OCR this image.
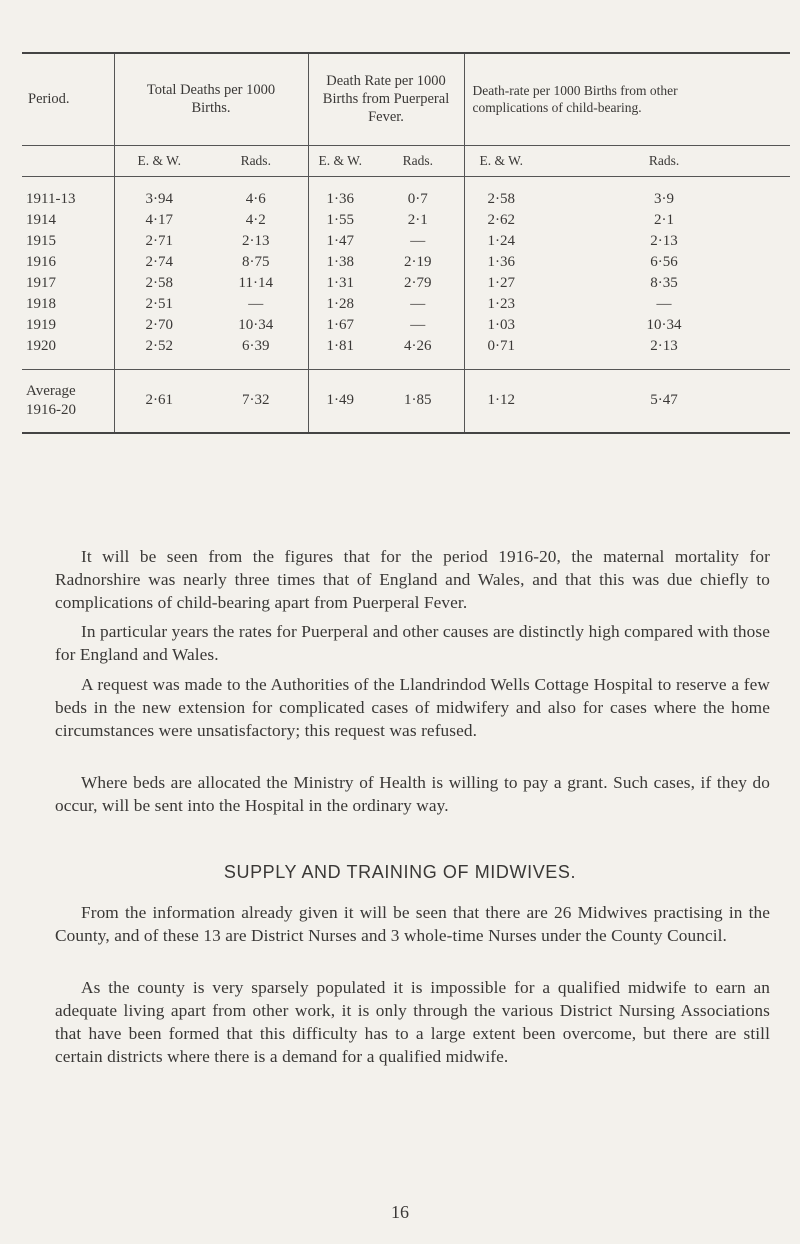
Period.	Total Deaths per 1000 Births.		Death Rate per 1000 Births from Puerperal Fever.		Death-rate per 1000 Births from other complications of child-bearing.	
	E. & W.	Rads.	E. & W.	Rads.	E. & W.	Rads.

1911-13	3·94	4·6	1·36	0·7	2·58	3·9
1914	4·17	4·2	1·55	2·1	2·62	2·1
1915	2·71	2·13	1·47	—	1·24	2·13
1916	2·74	8·75	1·38	2·19	1·36	6·56
1917	2·58	11·14	1·31	2·79	1·27	8·35
1918	2·51	—	1·28	—	1·23	—
1919	2·70	10·34	1·67	—	1·03	10·34
1920	2·52	6·39	1·81	4·26	0·71	2·13

Average
1916-20	2·61	7·32	1·49	1·85	1·12	5·47

It will be seen from the figures that for the period 1916-20, the maternal mortality for Radnorshire was nearly three times that of England and Wales, and that this was due chiefly to complications of child-bearing apart from Puerperal Fever.

In particular years the rates for Puerperal and other causes are distinctly high compared with those for England and Wales.

A request was made to the Authorities of the Llandrindod Wells Cottage Hospital to reserve a few beds in the new extension for complicated cases of midwifery and also for cases where the home circumstances were unsatisfactory; this request was refused.

Where beds are allocated the Ministry of Health is willing to pay a grant. Such cases, if they do occur, will be sent into the Hospital in the ordinary way.

SUPPLY AND TRAINING OF MIDWIVES.

From the information already given it will be seen that there are 26 Midwives practising in the County, and of these 13 are District Nurses and 3 whole-time Nurses under the County Council.

As the county is very sparsely populated it is impossible for a qualified midwife to earn an adequate living apart from other work, it is only through the various District Nursing Associations that have been formed that this difficulty has to a large extent been overcome, but there are still certain districts where there is a demand for a qualified midwife.

16
